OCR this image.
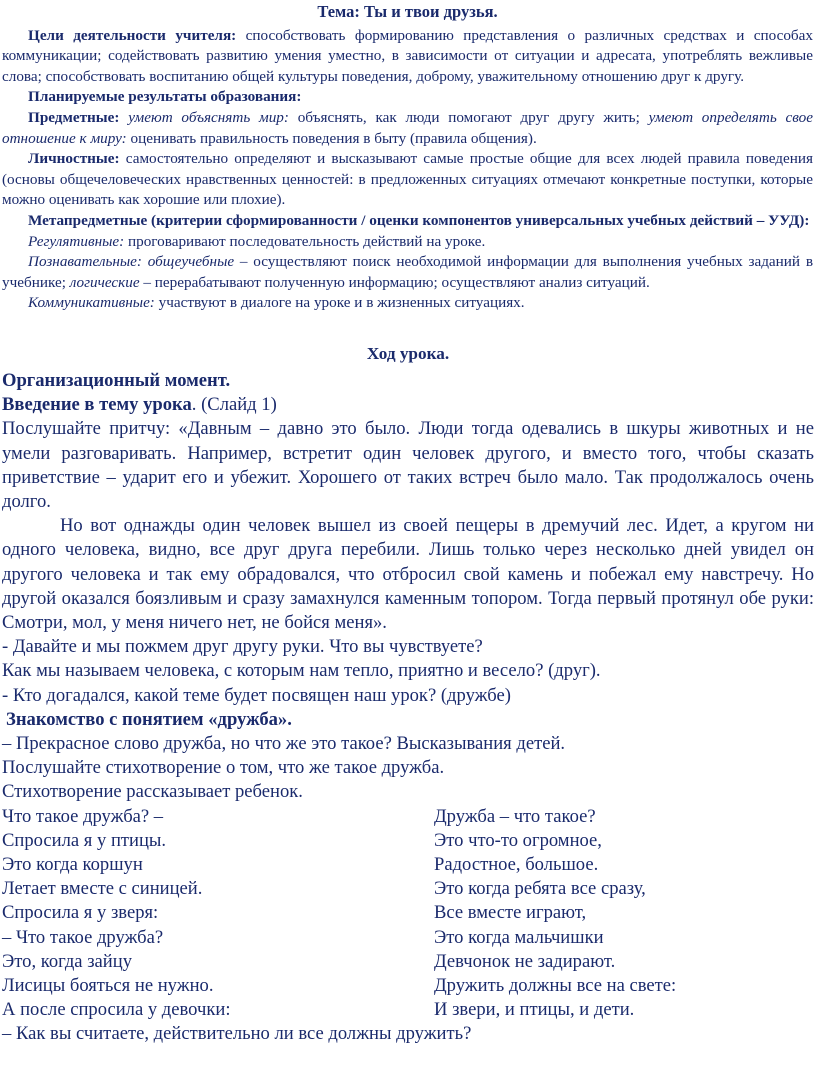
Тема: Ты и твои друзья.

Цели деятельности учителя: способствовать формированию представления о различных средствах и способах коммуникации; содействовать развитию умения уместно, в зависимости от ситуации и адресата, употреблять вежливые слова; способствовать воспитанию общей культуры поведения, доброму, уважительному отношению друг к другу.

Планируемые результаты образования:

Предметные: умеют объяснять мир: объяснять, как люди помогают друг другу жить; умеют определять свое отношение к миру: оценивать правильность поведения в быту (правила общения).

Личностные: самостоятельно определяют и высказывают самые простые общие для всех людей правила поведения (основы общечеловеческих нравственных ценностей: в предложенных ситуациях отмечают конкретные поступки, которые можно оценивать как хорошие или плохие).

Метапредметные (критерии сформированности / оценки компонентов универсальных учебных действий – УУД):

Регулятивные: проговаривают последовательность действий на уроке.

Познавательные: общеучебные – осуществляют поиск необходимой информации для выполнения учебных заданий в учебнике; логические – перерабатывают полученную информацию; осуществляют анализ ситуаций.

Коммуникативные: участвуют в диалоге на уроке и в жизненных ситуациях.

Ход урока.

Организационный момент.

Введение в тему урока. (Слайд 1)

Послушайте притчу: «Давным – давно это было. Люди тогда одевались в шкуры животных и не умели разговаривать. Например, встретит один человек другого, и вместо того, чтобы сказать приветствие – ударит его и убежит. Хорошего от таких встреч было мало. Так продолжалось очень долго.

Но вот однажды один человек вышел из своей пещеры в дремучий лес. Идет, а кругом ни одного человека, видно, все друг друга перебили. Лишь только через несколько дней увидел он другого человека и так ему обрадовался, что отбросил свой камень и побежал ему навстречу. Но другой оказался боязливым и сразу замахнулся каменным топором. Тогда первый протянул обе руки: Смотри, мол, у меня ничего нет, не бойся меня».

- Давайте и мы пожмем друг другу руки. Что вы чувствуете?

Как мы называем человека, с которым нам тепло, приятно и весело? (друг).

- Кто догадался, какой теме будет посвящен наш урок? (дружбе)

Знакомство с понятием «дружба».

– Прекрасное слово дружба, но что же это такое? Высказывания детей.

Послушайте стихотворение о том, что же такое дружба.

Стихотворение рассказывает ребенок.

Что такое дружба? –	Дружба – что такое?
Спросила я у птицы.	Это что-то огромное,
Это когда коршун	Радостное, большое.
Летает вместе с синицей.	Это когда ребята все сразу,
Спросила я у зверя:	Все вместе играют,
– Что такое дружба?	Это когда мальчишки
Это, когда зайцу	Девчонок не задирают.
Лисицы бояться не нужно.	Дружить должны все на свете:
А после спросила у девочки:	И звери, и птицы, и дети.

– Как вы считаете, действительно ли все должны дружить?
